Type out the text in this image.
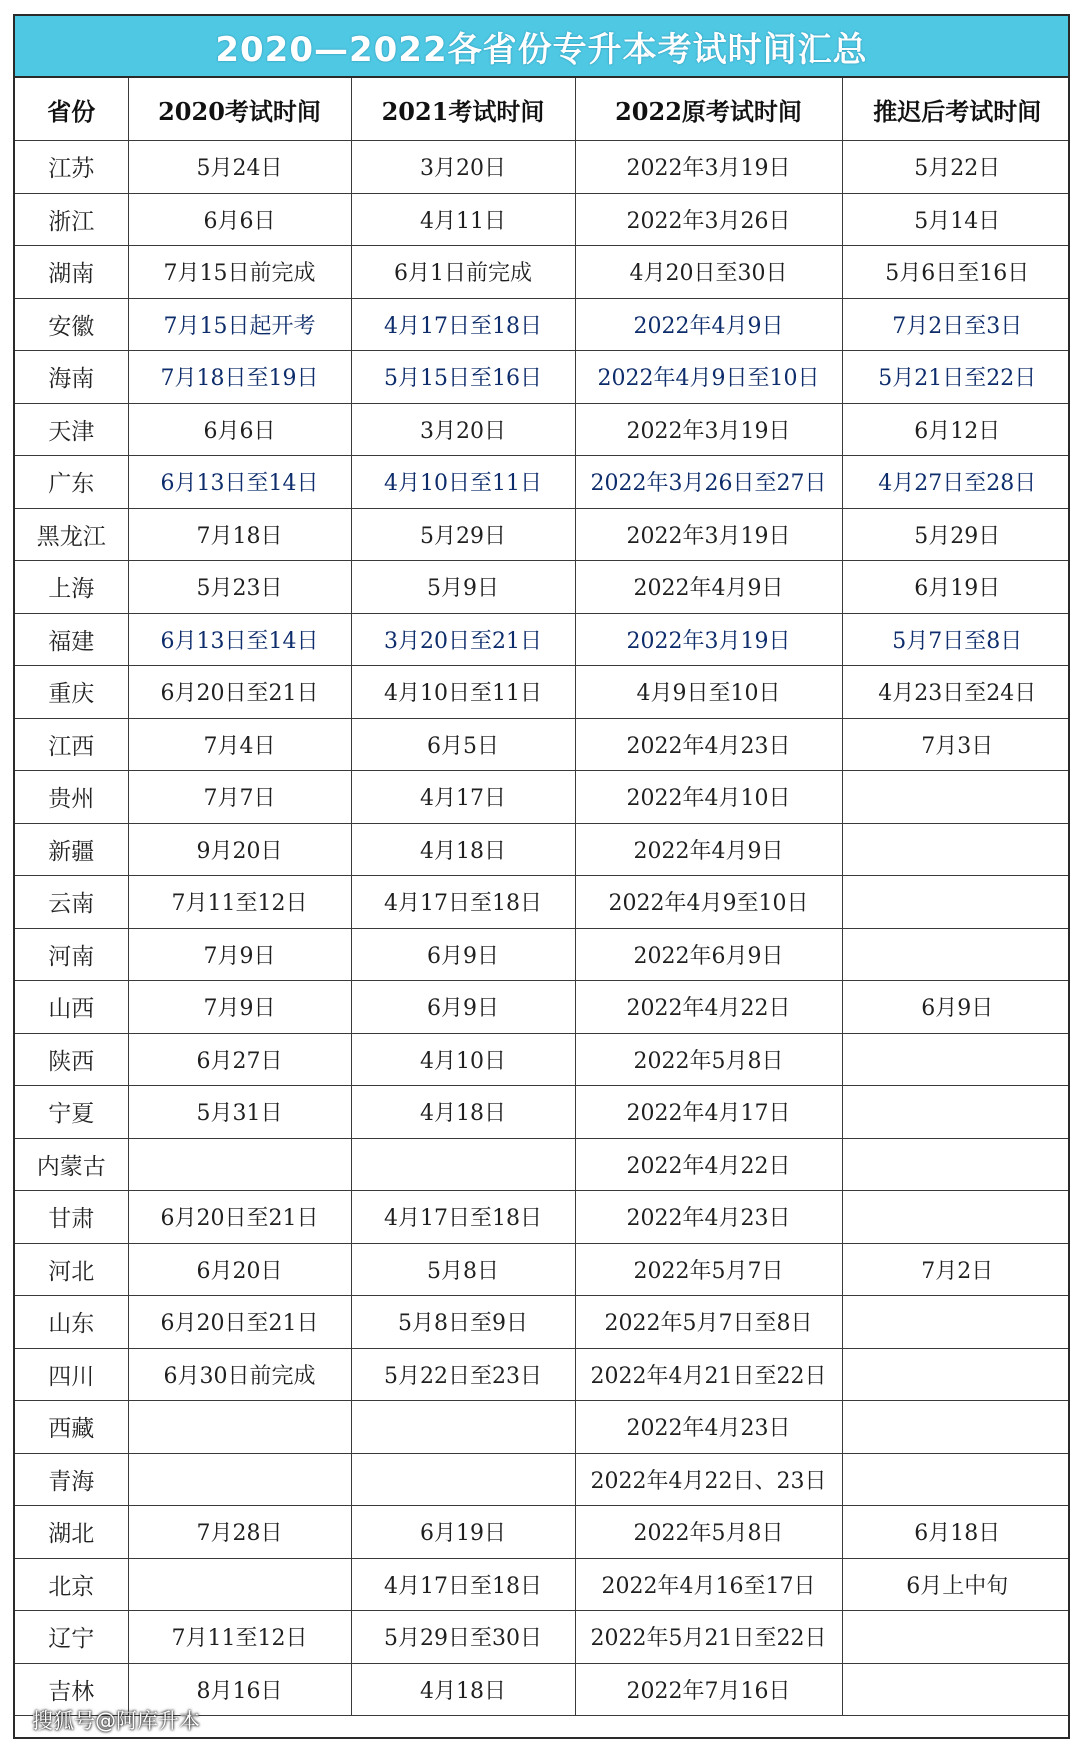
2020—2022各省份专升本考试时间汇总
省份	2020考试时间	2021考试时间	2022原考试时间	推迟后考试时间
江苏	5月24日	3月20日	2022年3月19日	5月22日
浙江	6月6日	4月11日	2022年3月26日	5月14日
湖南	7月15日前完成	6月1日前完成	4月20日至30日	5月6日至16日
安徽	7月15日起开考	4月17日至18日	2022年4月9日	7月2日至3日
海南	7月18日至19日	5月15日至16日	2022年4月9日至10日	5月21日至22日
天津	6月6日	3月20日	2022年3月19日	6月12日
广东	6月13日至14日	4月10日至11日	2022年3月26日至27日	4月27日至28日
黑龙江	7月18日	5月29日	2022年3月19日	5月29日
上海	5月23日	5月9日	2022年4月9日	6月19日
福建	6月13日至14日	3月20日至21日	2022年3月19日	5月7日至8日
重庆	6月20日至21日	4月10日至11日	4月9日至10日	4月23日至24日
江西	7月4日	6月5日	2022年4月23日	7月3日
贵州	7月7日	4月17日	2022年4月10日	
新疆	9月20日	4月18日	2022年4月9日	
云南	7月11至12日	4月17日至18日	2022年4月9至10日	
河南	7月9日	6月9日	2022年6月9日	
山西	7月9日	6月9日	2022年4月22日	6月9日
陕西	6月27日	4月10日	2022年5月8日	
宁夏	5月31日	4月18日	2022年4月17日	
内蒙古			2022年4月22日	
甘肃	6月20日至21日	4月17日至18日	2022年4月23日	
河北	6月20日	5月8日	2022年5月7日	7月2日
山东	6月20日至21日	5月8日至9日	2022年5月7日至8日	
四川	6月30日前完成	5月22日至23日	2022年4月21日至22日	
西藏			2022年4月23日	
青海			2022年4月22日、23日	
湖北	7月28日	6月19日	2022年5月8日	6月18日
北京		4月17日至18日	2022年4月16至17日	6月上中旬
辽宁	7月11至12日	5月29日至30日	2022年5月21日至22日	
吉林	8月16日	4月18日	2022年7月16日	
搜狐号@阿库升本
